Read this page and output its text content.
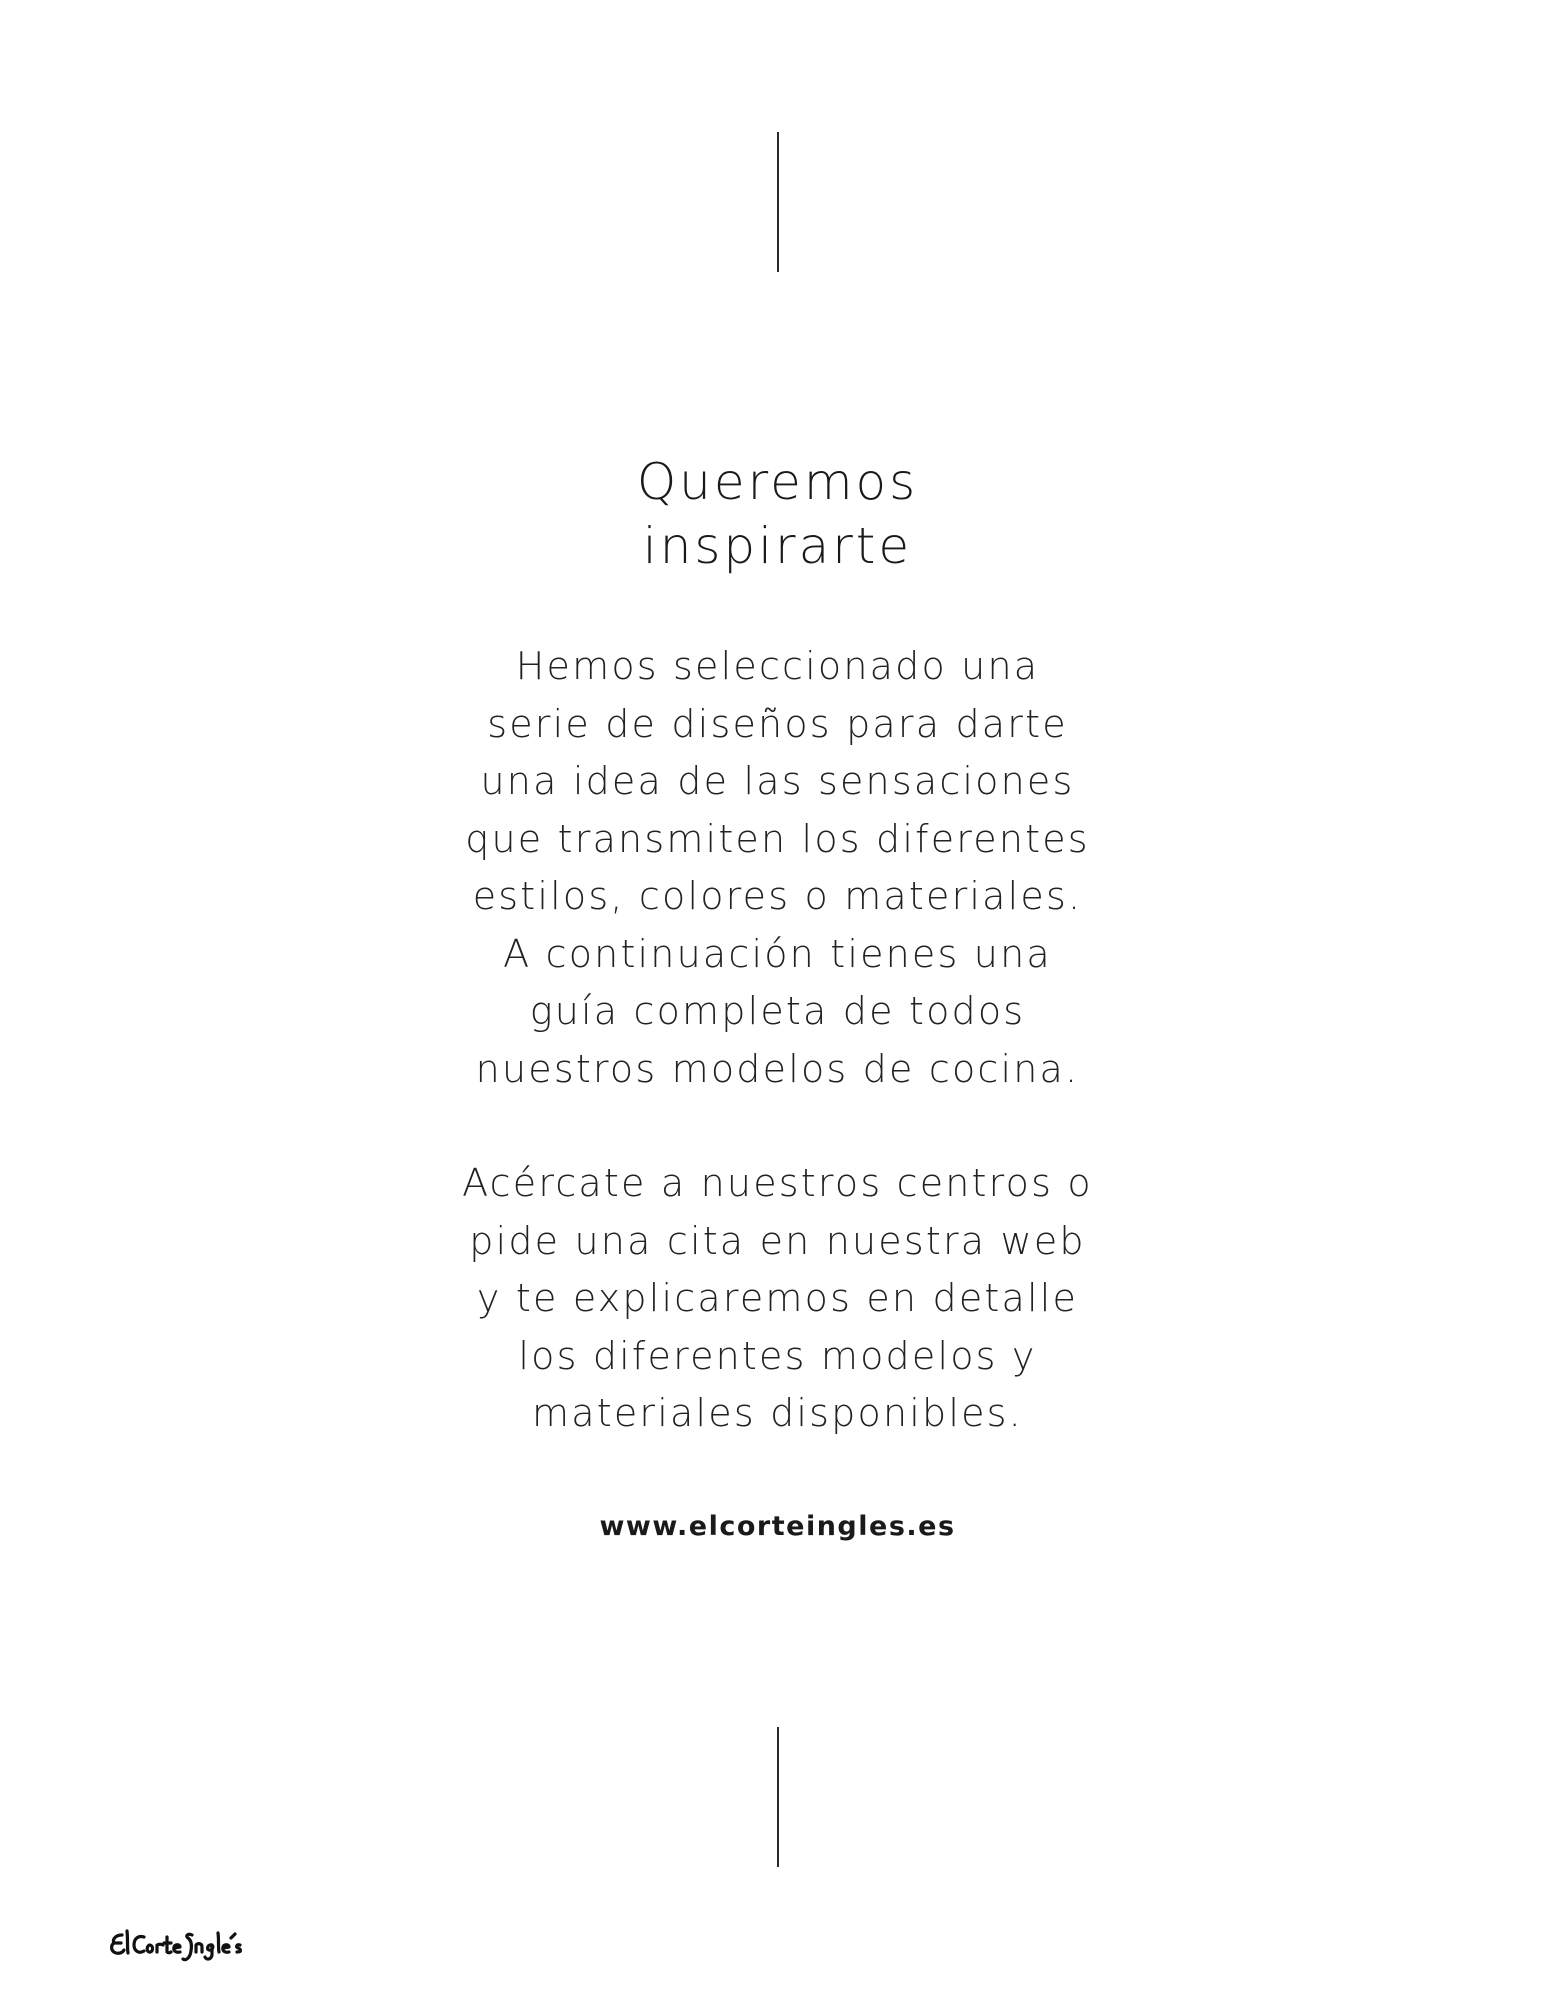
Queremos
inspirarte

Hemos seleccionado una
serie de diseños para darte
una idea de las sensaciones
que transmiten los diferentes
estilos, colores o materiales.
A continuación tienes una
guía completa de todos
nuestros modelos de cocina.

Acércate a nuestros centros o
pide una cita en nuestra web
y te explicaremos en detalle
los diferentes modelos y
materiales disponibles.

www.elcorteingles.es
